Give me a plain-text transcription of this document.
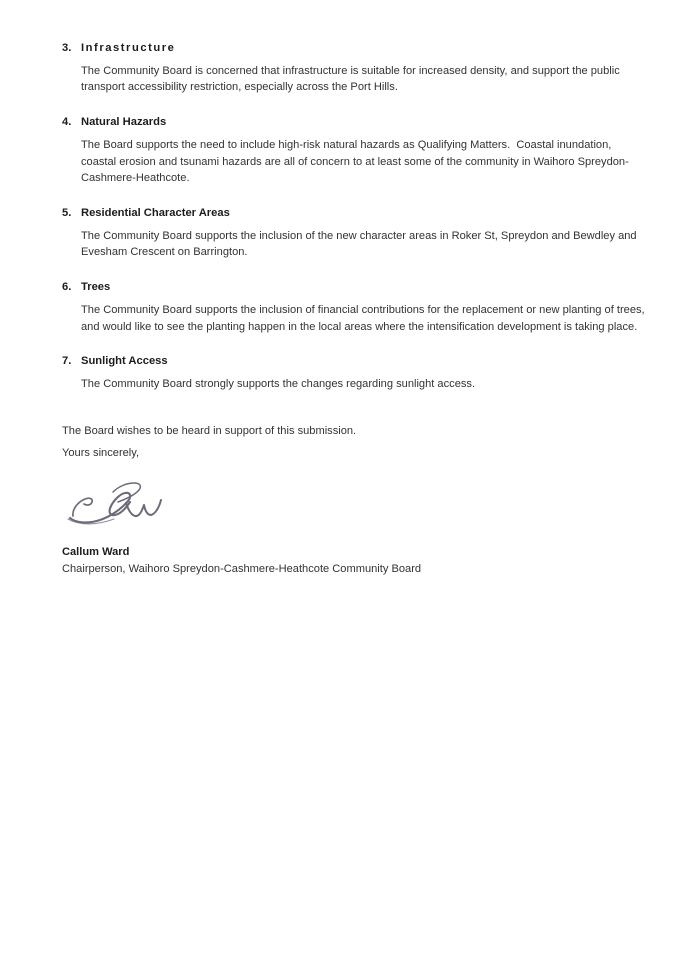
3. Infrastructure
The Community Board is concerned that infrastructure is suitable for increased density, and support the public transport accessibility restriction, especially across the Port Hills.
4. Natural Hazards
The Board supports the need to include high-risk natural hazards as Qualifying Matters.  Coastal inundation, coastal erosion and tsunami hazards are all of concern to at least some of the community in Waihoro Spreydon-Cashmere-Heathcote.
5. Residential Character Areas
The Community Board supports the inclusion of the new character areas in Roker St, Spreydon and Bewdley and Evesham Crescent on Barrington.
6. Trees
The Community Board supports the inclusion of financial contributions for the replacement or new planting of trees, and would like to see the planting happen in the local areas where the intensification development is taking place.
7. Sunlight Access
The Community Board strongly supports the changes regarding sunlight access.

The Board wishes to be heard in support of this submission.

Yours sincerely,

Callum Ward

Chairperson, Waihoro Spreydon-Cashmere-Heathcote Community Board
